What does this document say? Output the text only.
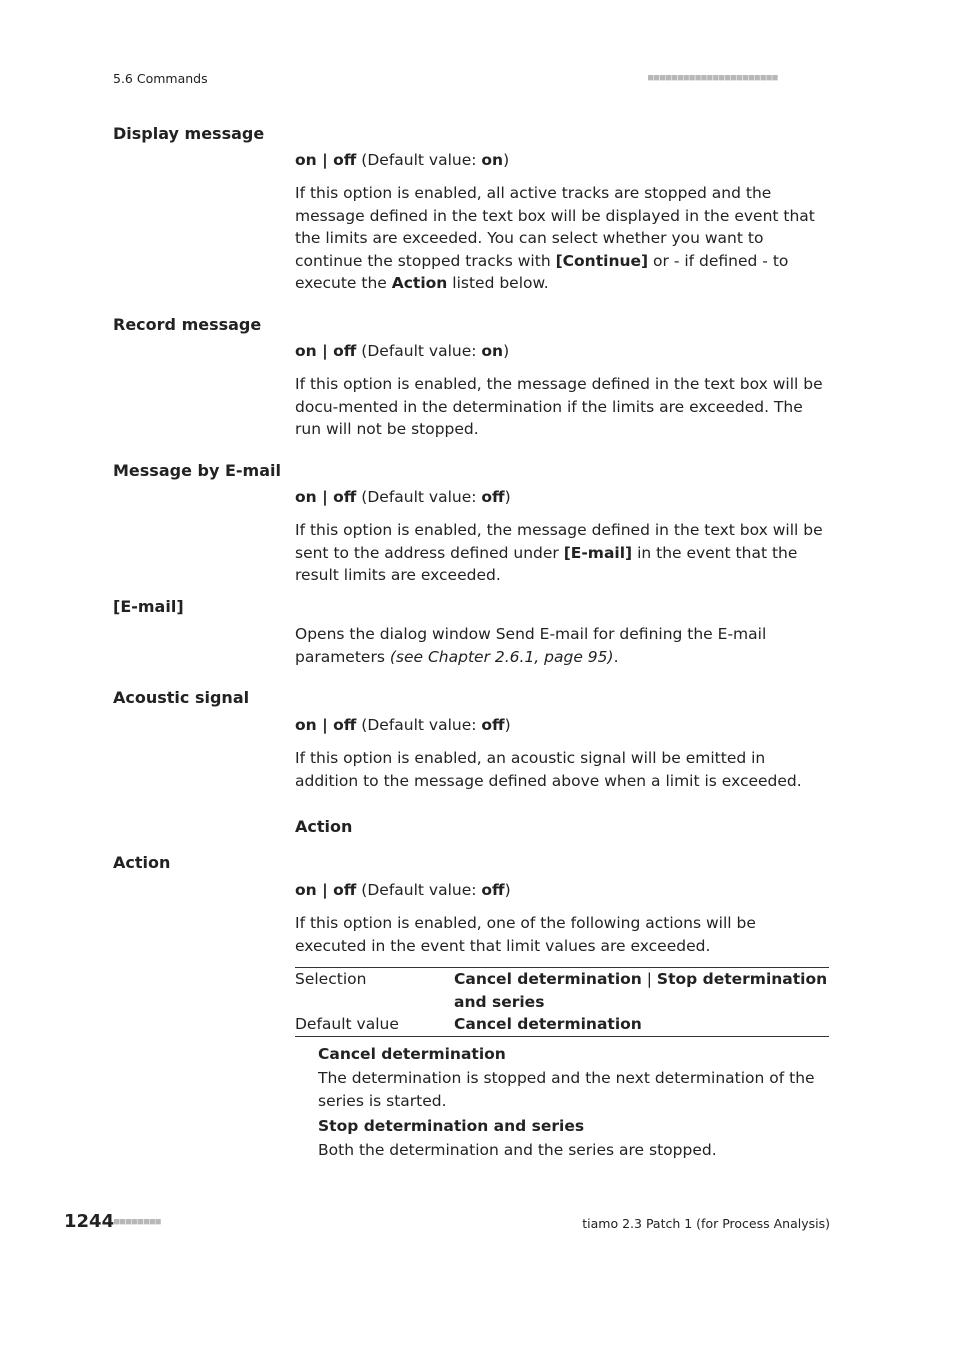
5.6 Commands	■■■■■■■■■■■■■■■■■■■■■■
Display message

on | off (Default value: on)

If this option is enabled, all active tracks are stopped and the message defined in the text box will be displayed in the event that the limits are exceeded. You can select whether you want to continue the stopped tracks with [Continue] or - if defined - to execute the Action listed below.

Record message

on | off (Default value: on)

If this option is enabled, the message defined in the text box will be docu-mented in the determination if the limits are exceeded. The run will not be stopped.

Message by E-mail

on | off (Default value: off)

If this option is enabled, the message defined in the text box will be sent to the address defined under [E-mail] in the event that the result limits are exceeded.

[E-mail]

Opens the dialog window Send E-mail for defining the E-mail parameters (see Chapter 2.6.1, page 95).

Acoustic signal

on | off (Default value: off)

If this option is enabled, an acoustic signal will be emitted in addition to the message defined above when a limit is exceeded.

Action
Action

on | off (Default value: off)

If this option is enabled, one of the following actions will be executed in the event that limit values are exceeded.

Selection	Cancel determination | Stop determination and series
Default value	Cancel determination
Cancel determination
The determination is stopped and the next determination of the series is started.
Stop determination and series
Both the determination and the series are stopped.
1244 ■■■■■■■■	tiamo 2.3 Patch 1 (for Process Analysis)
